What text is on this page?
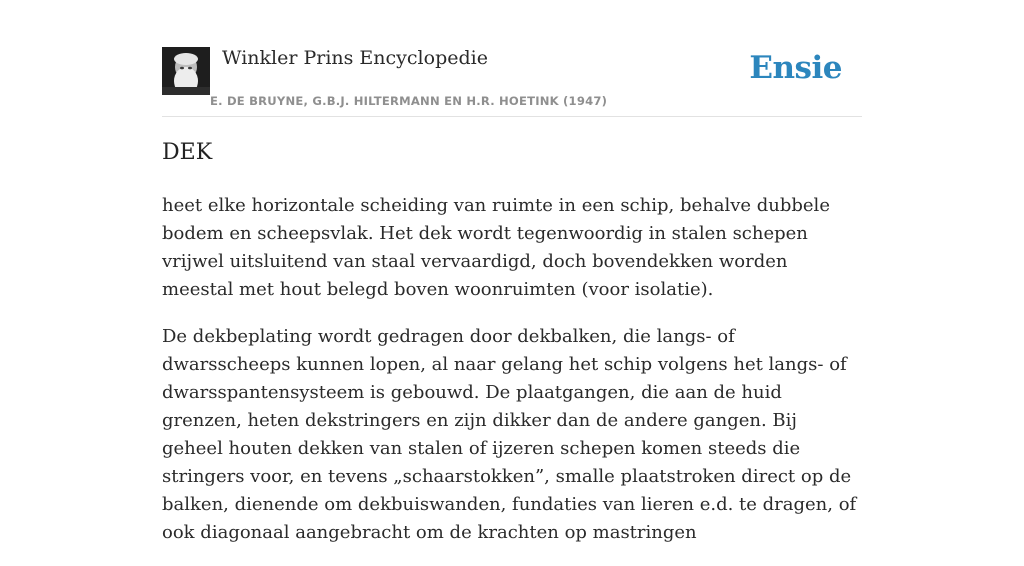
Winkler Prins Encyclopedie
E. DE BRUYNE, G.B.J. HILTERMANN EN H.R. HOETINK (1947)
Ensie
DEK

heet elke horizontale scheiding van ruimte in een schip, behalve dubbele bodem en scheepsvlak. Het dek wordt tegenwoordig in stalen schepen vrijwel uitsluitend van staal vervaardigd, doch bovendekken worden meestal met hout belegd boven woonruimten (voor isolatie).

De dekbeplating wordt gedragen door dekbalken, die langs- of dwarsscheeps kunnen lopen, al naar gelang het schip volgens het langs- of dwarsspantensysteem is gebouwd. De plaatgangen, die aan de huid grenzen, heten dekstringers en zijn dikker dan de andere gangen. Bij geheel houten dekken van stalen of ijzeren schepen komen steeds die stringers voor, en tevens „schaarstokken”, smalle plaatstroken direct op de balken, dienende om dekbuiswanden, fundaties van lieren e.d. te dragen, of ook diagonaal aangebracht om de krachten op mastringen
